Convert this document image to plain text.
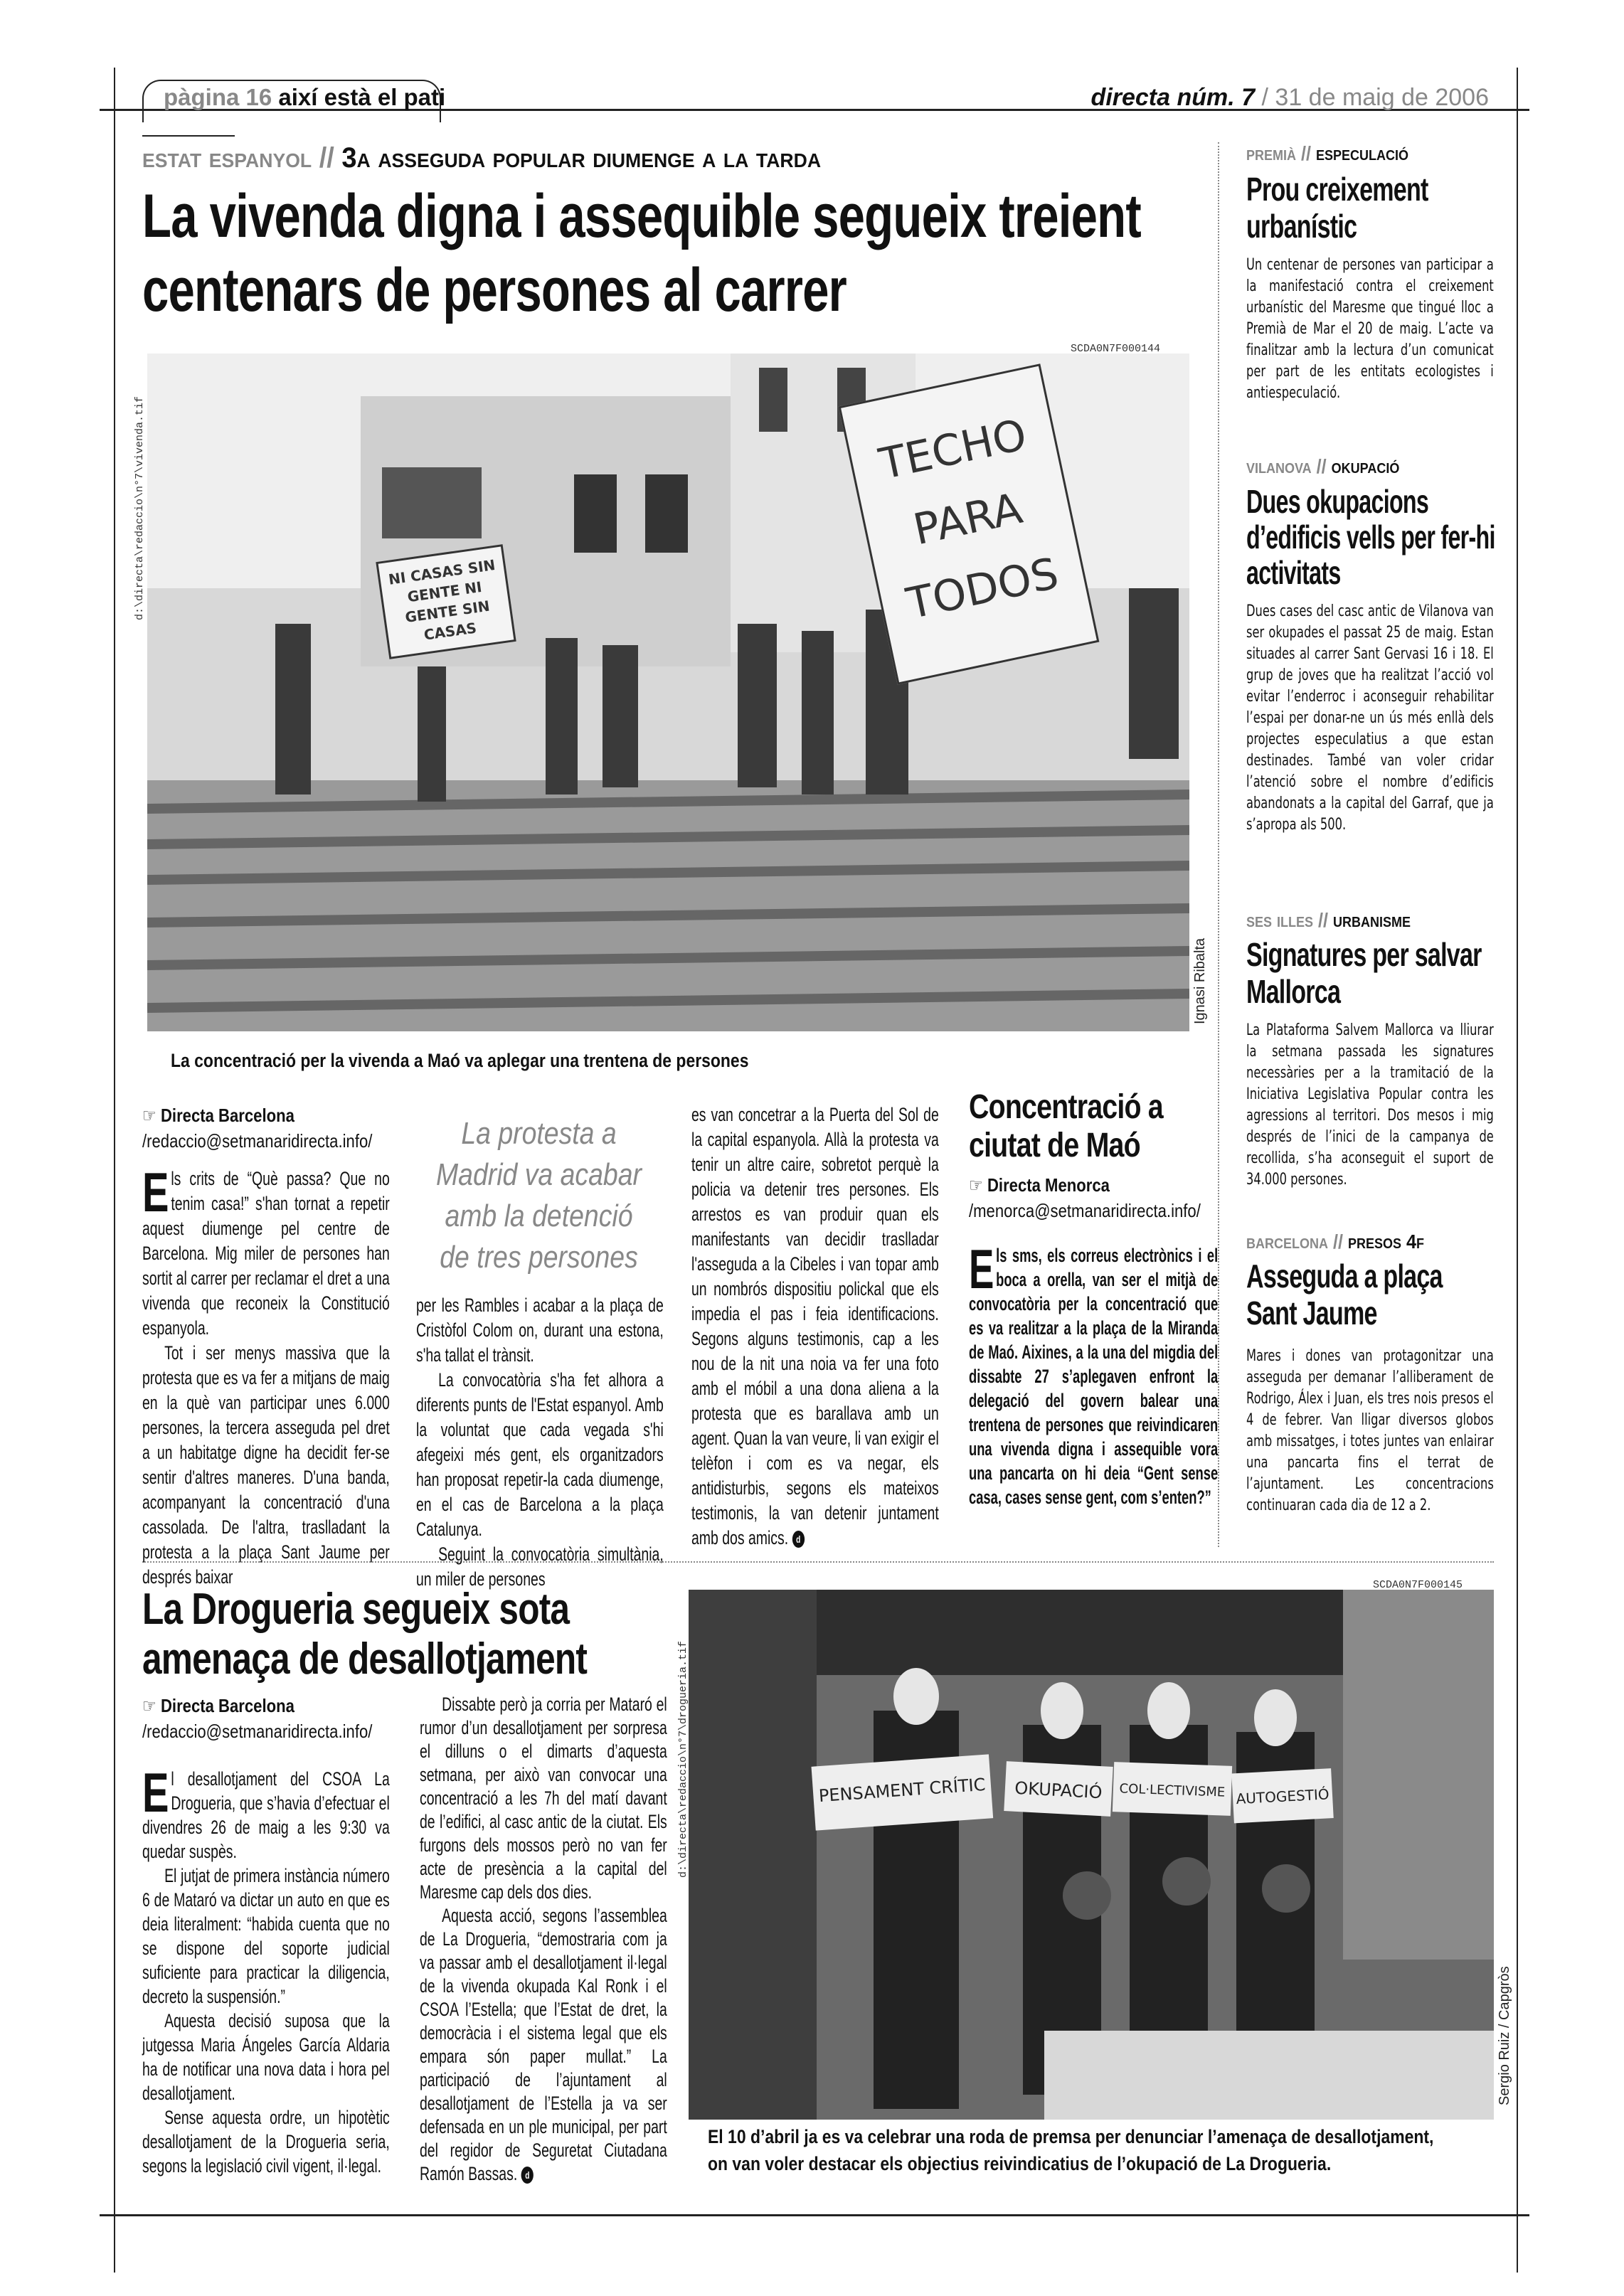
pàgina 16 així està el pati	directa núm. 7 / 31 de maig de 2006
estat espanyol // 3a asseguda popular diumenge a la tarda
La vivenda digna i assequible segueix treient centenars de persones al carrer
NI CASAS SIN GENTE NI GENTE SIN CASAS
TECHO PARA TODOS
SCDA0N7F000144
d:\directa\redaccio\n°7\vivenda.tif
Ignasi Ribalta
La concentració per la vivenda a Maó va aplegar una trentena de persones
☞ Directa Barcelona
/redaccio@setmanaridirecta.info/
E ls crits de “Què passa? Que no tenim casa!” s'han tornat a repetir aquest diumenge pel centre de Barcelona. Mig miler de persones han sortit al carrer per reclamar el dret a una vivenda que reconeix la Constitució espanyola.

Tot i ser menys massiva que la protesta que es va fer a mitjans de maig en la què van participar unes 6.000 persones, la tercera asseguda pel dret a un habitatge digne ha decidit fer-se sentir d'altres maneres. D'una banda, acompanyant la concentració d'una cassolada. De l'altra, traslladant la protesta a la plaça Sant Jaume per després baixar

La protesta a Madrid va acabar amb la detenció de tres persones

per les Rambles i acabar a la plaça de Cristòfol Colom on, durant una estona, s'ha tallat el trànsit.

La convocatòria s'ha fet alhora a diferents punts de l'Estat espanyol. Amb la voluntat que cada vegada s'hi afegeixi més gent, els organitzadors han proposat repetir-la cada diumenge, en el cas de Barcelona a la plaça Catalunya.

Seguint la convocatòria simultània, un miler de persones

es van concetrar a la Puerta del Sol de la capital espanyola. Allà la protesta va tenir un altre caire, sobretot perquè la policia va detenir tres persones. Els arrestos es van produir quan els manifestants van decidir traslladar l'asseguda a la Cibeles i van topar amb un nombrós dispositiu polickal que els impedia el pas i feia identificacions. Segons alguns testimonis, cap a les nou de la nit una noia va fer una foto amb el móbil a una dona aliena a la protesta que es barallava amb un agent. Quan la van veure, li van exigir el telèfon i com es va negar, els antidisturbis, segons els mateixos testimonis, la van detenir juntament amb dos amics. d

Concentració a ciutat de Maó
☞ Directa Menorca
/menorca@setmanaridirecta.info/
E ls sms, els correus electrònics i el boca a orella, van ser el mitjà de convocatòria per la concentració que es va realitzar a la plaça de la Miranda de Maó. Aixines, a la una del migdia del dissabte 27 s’aplegaven enfront la delegació del govern balear una trentena de persones que reivindicaren una vivenda digna i assequible vora una pancarta on hi deia “Gent sense casa, cases sense gent, com s’enten?”

premià // especulació
Prou creixement urbanístic
Un centenar de persones van participar a la manifestació contra el creixement urbanístic del Maresme que tingué lloc a Premià de Mar el 20 de maig. L’acte va finalitzar amb la lectura d’un comunicat per part de les entitats ecologistes i antiespeculació.
vilanova // okupació
Dues okupacions d’edificis vells per fer-hi activitats
Dues cases del casc antic de Vilanova van ser okupades el passat 25 de maig. Estan situades al carrer Sant Gervasi 16 i 18. El grup de joves que ha realitzat l’acció vol evitar l’enderroc i aconseguir rehabilitar l’espai per donar-ne un ús més enllà dels projectes especulatius a que estan destinades. També van voler cridar l’atenció sobre el nombre d’edificis abandonats a la capital del Garraf, que ja s’apropa als 500.
ses illes // urbanisme
Signatures per salvar Mallorca
La Plataforma Salvem Mallorca va lliurar la setmana passada les signatures necessàries per a la tramitació de la Iniciativa Legislativa Popular contra les agressions al territori. Dos mesos i mig després de l’inici de la campanya de recollida, s’ha aconseguit el suport de 34.000 persones.
barcelona // presos 4f
Asseguda a plaça Sant Jaume
Mares i dones van protagonitzar una asseguda per demanar l’alliberament de Rodrigo, Álex i Juan, els tres nois presos el 4 de febrer. Van lligar diversos globos amb missatges, i totes juntes van enlairar una pancarta fins el terrat de l’ajuntament. Les concentracions continuaran cada dia de 12 a 2.
La Drogueria segueix sota amenaça de desallotjament
☞ Directa Barcelona
/redaccio@setmanaridirecta.info/
E l desallotjament del CSOA La Drogueria, que s’havia d’efectuar el divendres 26 de maig a les 9:30 va quedar suspès.

El jutjat de primera instància número 6 de Mataró va dictar un auto en que es deia literalment: “habida cuenta que no se dispone del soporte judicial suficiente para practicar la diligencia, decreto la suspensión.”

Aquesta decisió suposa que la jutgessa Maria Ángeles García Aldaria ha de notificar una nova data i hora pel desallotjament.

Sense aquesta ordre, un hipotètic desallotjament de la Drogueria seria, segons la legislació civil vigent, il·legal.

Dissabte però ja corria per Mataró el rumor d’un desallotjament per sorpresa el dilluns o el dimarts d’aquesta setmana, per això van convocar una concentració a les 7h del matí davant de l’edifici, al casc antic de la ciutat. Els furgons dels mossos però no van fer acte de presència a la capital del Maresme cap dels dos dies.

Aquesta acció, segons l’assemblea de La Drogueria, “demostraria com ja va passar amb el desallotjament il·legal de la vivenda okupada Kal Ronk i el CSOA l’Estella; que l’Estat de dret, la democràcia i el sistema legal que els empara són paper mullat.” La participació de l’ajuntament al desallotjament de l’Estella ja va ser defensada en un ple municipal, per part del regidor de Seguretat Ciutadana Ramón Bassas. d

PENSAMENT CRÍTIC OKUPACIÓ COL·LECTIVISME AUTOGESTIÓ
SCDA0N7F000145
d:\directa\redaccio\n°7\drogueria.tif
Sergio Ruiz / Capgròs
El 10 d’abril ja es va celebrar una roda de premsa per denunciar l’amenaça de desallotjament,
on van voler destacar els objectius reivindicatius de l’okupació de La Drogueria.
